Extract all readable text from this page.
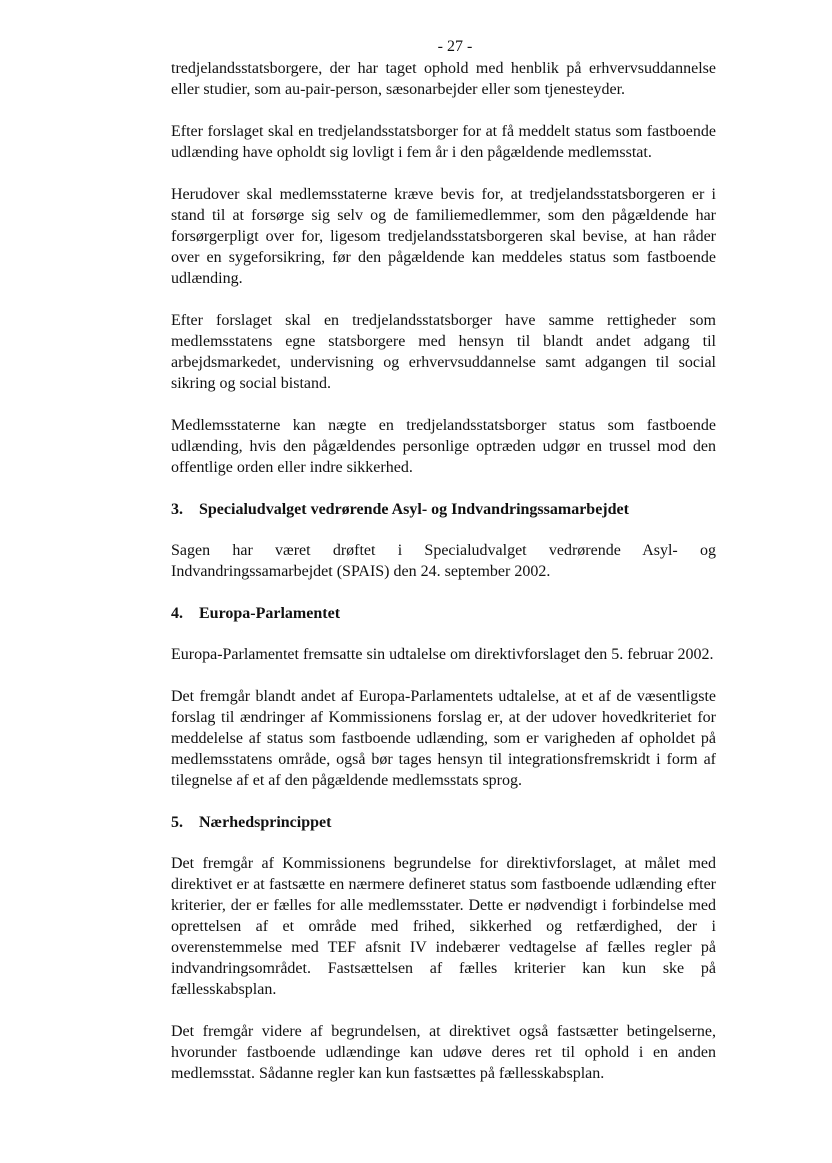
- 27 -

tredjelandsstatsborgere, der har taget ophold med henblik på erhvervsuddannelse eller studier, som au-pair-person, sæsonarbejder eller som tjenesteyder.

Efter forslaget skal en tredjelandsstatsborger for at få meddelt status som fastboende udlænding have opholdt sig lovligt i fem år i den pågældende medlemsstat.

Herudover skal medlemsstaterne kræve bevis for, at tredjelandsstatsborgeren er i stand til at forsørge sig selv og de familiemedlemmer, som den pågældende har forsørgerpligt over for, ligesom tredjelandsstatsborgeren skal bevise, at han råder over en sygeforsikring, før den pågældende kan meddeles status som fastboende udlænding.

Efter forslaget skal en tredjelandsstatsborger have samme rettigheder som medlemsstatens egne statsborgere med hensyn til blandt andet adgang til arbejdsmarkedet, undervisning og erhvervsuddannelse samt adgangen til social sikring og social bistand.

Medlemsstaterne kan nægte en tredjelandsstatsborger status som fastboende udlænding, hvis den pågældendes personlige optræden udgør en trussel mod den offentlige orden eller indre sikkerhed.

3.	Specialudvalget vedrørende Asyl- og Indvandringssamarbejdet

Sagen har været drøftet i Specialudvalget vedrørende Asyl- og Indvandringssamarbejdet (SPAIS) den 24. september 2002.

4.	Europa-Parlamentet

Europa-Parlamentet fremsatte sin udtalelse om direktivforslaget den 5. februar 2002.

Det fremgår blandt andet af Europa-Parlamentets udtalelse, at et af de væsentligste forslag til ændringer af Kommissionens forslag er, at der udover hovedkriteriet for meddelelse af status som fastboende udlænding, som er varigheden af opholdet på medlemsstatens område, også bør tages hensyn til integrationsfremskridt i form af tilegnelse af et af den pågældende medlemsstats sprog.

5.	Nærhedsprincippet

Det fremgår af Kommissionens begrundelse for direktivforslaget, at målet med direktivet er at fastsætte en nærmere defineret status som fastboende udlænding efter kriterier, der er fælles for alle medlemsstater. Dette er nødvendigt i forbindelse med oprettelsen af et område med frihed, sikkerhed og retfærdighed, der i overenstemmelse med TEF afsnit IV indebærer vedtagelse af fælles regler på indvandringsområdet. Fastsættelsen af fælles kriterier kan kun ske på fællesskabsplan.

Det fremgår videre af begrundelsen, at direktivet også fastsætter betingelserne, hvorunder fastboende udlændinge kan udøve deres ret til ophold i en anden medlemsstat. Sådanne regler kan kun fastsættes på fællesskabsplan.
